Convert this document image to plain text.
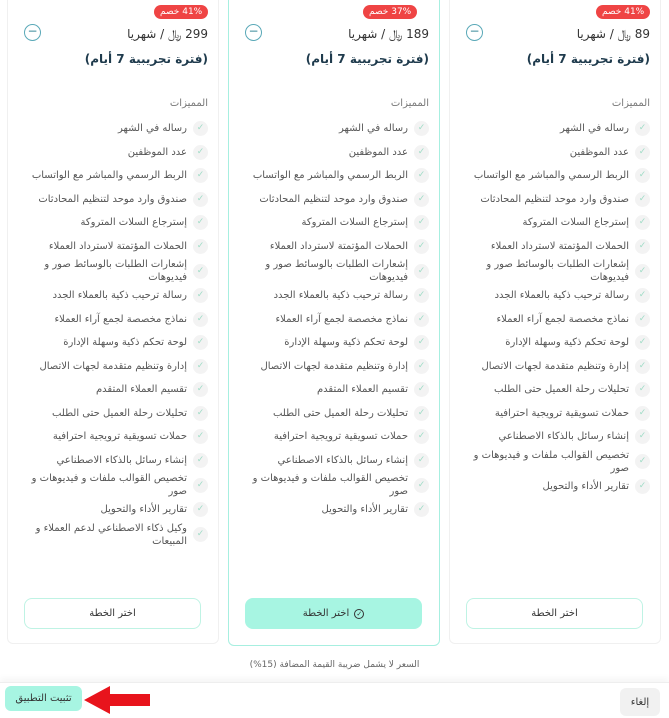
41% خصم
299 ﷼ / شهريا
−
(فترة تجريبية 7 أيام)
المميزات
✓
رساله في الشهر
✓
عدد الموظفين
✓
الربط الرسمي والمباشر مع الواتساب
✓
صندوق وارد موحد لتنظيم المحادثات
✓
إسترجاع السلات المتروكة
✓
الحملات المؤتمتة لاسترداد العملاء
✓
إشعارات الطلبات بالوسائط صور و فيديوهات
✓
رسالة ترحيب ذكية بالعملاء الجدد
✓
نماذج مخصصة لجمع آراء العملاء
✓
لوحة تحكم ذكية وسهلة الإدارة
✓
إدارة وتنظيم متقدمة لجهات الاتصال
✓
تقسيم العملاء المتقدم
✓
تحليلات رحلة العميل حتى الطلب
✓
حملات تسويقية ترويجية احترافية
✓
إنشاء رسائل بالذكاء الاصطناعي
✓
تخصيص القوالب ملفات و فيديوهات و صور
✓
تقارير الأداء والتحويل
✓
وكيل ذكاء الاصطناعي لدعم العملاء و المبيعات
اختر الخطة
37% خصم
189 ﷼ / شهريا
−
(فترة تجريبية 7 أيام)
المميزات
✓
رساله في الشهر
✓
عدد الموظفين
✓
الربط الرسمي والمباشر مع الواتساب
✓
صندوق وارد موحد لتنظيم المحادثات
✓
إسترجاع السلات المتروكة
✓
الحملات المؤتمتة لاسترداد العملاء
✓
إشعارات الطلبات بالوسائط صور و فيديوهات
✓
رسالة ترحيب ذكية بالعملاء الجدد
✓
نماذج مخصصة لجمع آراء العملاء
✓
لوحة تحكم ذكية وسهلة الإدارة
✓
إدارة وتنظيم متقدمة لجهات الاتصال
✓
تقسيم العملاء المتقدم
✓
تحليلات رحلة العميل حتى الطلب
✓
حملات تسويقية ترويجية احترافية
✓
إنشاء رسائل بالذكاء الاصطناعي
✓
تخصيص القوالب ملفات و فيديوهات و صور
✓
تقارير الأداء والتحويل
✓
اختر الخطة
41% خصم
89 ﷼ / شهريا
−
(فترة تجريبية 7 أيام)
المميزات
✓
رساله في الشهر
✓
عدد الموظفين
✓
الربط الرسمي والمباشر مع الواتساب
✓
صندوق وارد موحد لتنظيم المحادثات
✓
إسترجاع السلات المتروكة
✓
الحملات المؤتمتة لاسترداد العملاء
✓
إشعارات الطلبات بالوسائط صور و فيديوهات
✓
رسالة ترحيب ذكية بالعملاء الجدد
✓
نماذج مخصصة لجمع آراء العملاء
✓
لوحة تحكم ذكية وسهلة الإدارة
✓
إدارة وتنظيم متقدمة لجهات الاتصال
✓
تحليلات رحلة العميل حتى الطلب
✓
حملات تسويقية ترويجية احترافية
✓
إنشاء رسائل بالذكاء الاصطناعي
✓
تخصيص القوالب ملفات و فيديوهات و صور
✓
تقارير الأداء والتحويل
اختر الخطة
السعر لا يشمل ضريبة القيمة المضافة (15%)
تثبيت التطبيق	إلغاء
